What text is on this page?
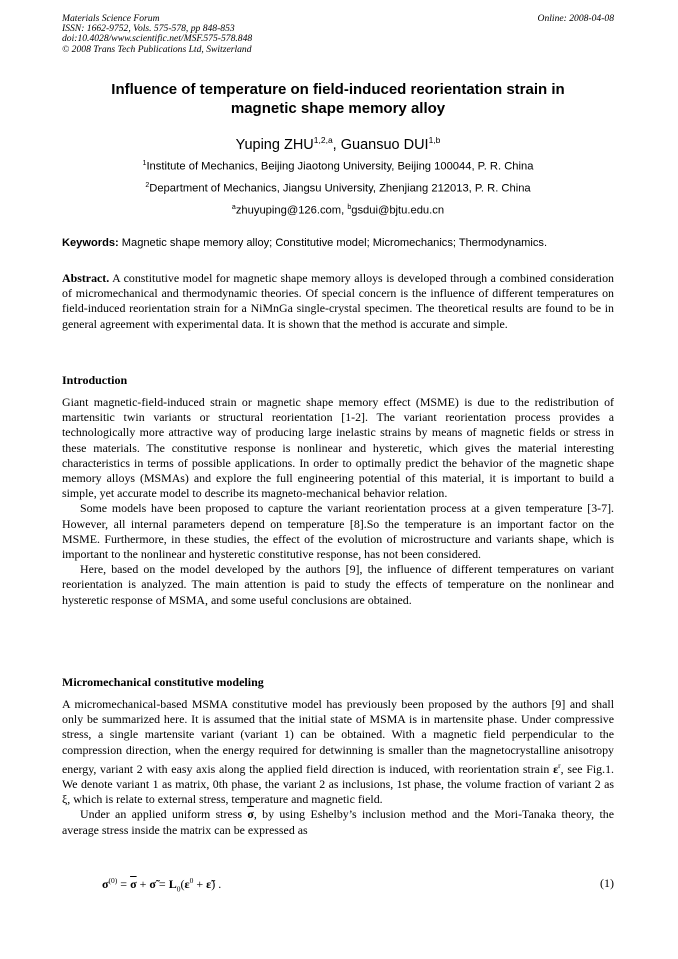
Materials Science Forum	Online: 2008-04-08
ISSN: 1662-9752, Vols. 575-578, pp 848-853
doi:10.4028/www.scientific.net/MSF.575-578.848
© 2008 Trans Tech Publications Ltd, Switzerland
Influence of temperature on field-induced reorientation strain in
magnetic shape memory alloy
Yuping ZHU$^{1,2,a}$, Guansuo DUI$^{1,b}$
$^1$Institute of Mechanics, Beijing Jiaotong University, Beijing 100044, P. R. China
$^2$Department of Mechanics, Jiangsu University, Zhenjiang 212013, P. R. China
$^a$zhuyuping@126.com, $^b$gsdui@bjtu.edu.cn
Keywords: Magnetic shape memory alloy; Constitutive model; Micromechanics; Thermodynamics.

Abstract. A constitutive model for magnetic shape memory alloys is developed through a combined consideration of micromechanical and thermodynamic theories. Of special concern is the influence of different temperatures on field-induced reorientation strain for a NiMnGa single-crystal specimen. The theoretical results are found to be in general agreement with experimental data. It is shown that the method is accurate and simple.

Introduction

Giant magnetic-field-induced strain or magnetic shape memory effect (MSME) is due to the redistribution of martensitic twin variants or structural reorientation [1-2]. The variant reorientation process provides a technologically more attractive way of producing large inelastic strains by means of magnetic fields or stress in these materials. The constitutive response is nonlinear and hysteretic, which gives the material interesting characteristics in terms of possible applications. In order to optimally predict the behavior of the magnetic shape memory alloys (MSMAs) and explore the full engineering potential of this material, it is important to build a simple, yet accurate model to describe its magneto-mechanical behavior relation.

Some models have been proposed to capture the variant reorientation process at a given temperature [3-7]. However, all internal parameters depend on temperature [8].So the temperature is an important factor on the MSME. Furthermore, in these studies, the effect of the evolution of microstructure and variants shape, which is important to the nonlinear and hysteretic constitutive response, has not been considered.

Here, based on the model developed by the authors [9], the influence of different temperatures on variant reorientation is analyzed. The main attention is paid to study the effects of temperature on the nonlinear and hysteretic response of MSMA, and some useful conclusions are obtained.

Micromechanical constitutive modeling

A micromechanical-based MSMA constitutive model has previously been proposed by the authors [9] and shall only be summarized here. It is assumed that the initial state of MSMA is in martensite phase. Under compressive stress, a single martensite variant (variant 1) can be obtained. With a magnetic field perpendicular to the compression direction, when the energy required for detwinning is smaller than the magnetocrystalline anisotropy energy, variant 2 with easy axis along the applied field direction is induced, with reorientation strain $\varepsilon^r$, see Fig.1. We denote variant 1 as matrix, 0th phase, the variant 2 as inclusions, 1st phase, the volume fraction of variant 2 as ξ, which is relate to external stress, temperature and magnetic field.

Under an applied uniform stress $\overline{\sigma}$, by using Eshelby’s inclusion method and the Mori-Tanaka theory, the average stress inside the matrix can be expressed as

$\sigma^{(0)} = \overline{\sigma}$ + σ̃ = $L_0(\varepsilon^0$ + ε̃) .	(1)
